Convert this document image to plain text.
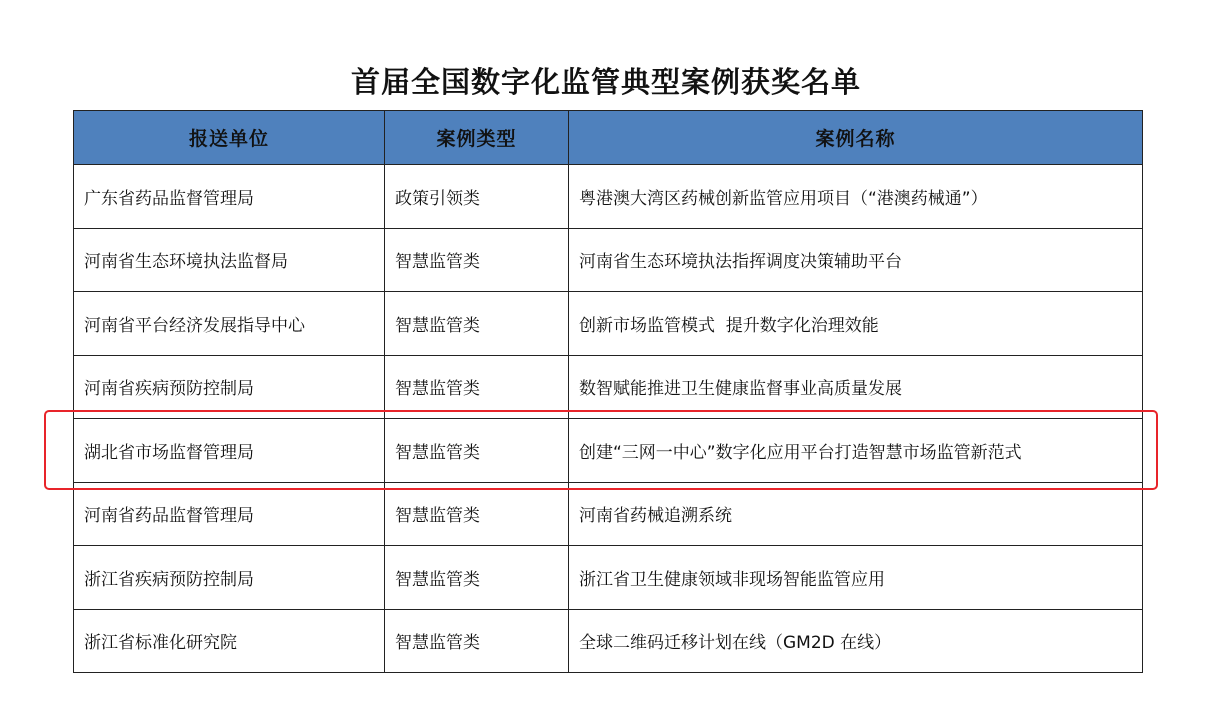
首届全国数字化监管典型案例获奖名单
报送单位	案例类型	案例名称
广东省药品监督管理局	政策引领类	粤港澳大湾区药械创新监管应用项目（“港澳药械通”）
河南省生态环境执法监督局	智慧监管类	河南省生态环境执法指挥调度决策辅助平台
河南省平台经济发展指导中心	智慧监管类	创新市场监管模式  提升数字化治理效能
河南省疾病预防控制局	智慧监管类	数智赋能推进卫生健康监督事业高质量发展
湖北省市场监督管理局	智慧监管类	创建“三网一中心”数字化应用平台打造智慧市场监管新范式
河南省药品监督管理局	智慧监管类	河南省药械追溯系统
浙江省疾病预防控制局	智慧监管类	浙江省卫生健康领域非现场智能监管应用
浙江省标准化研究院	智慧监管类	全球二维码迁移计划在线（GM2D 在线）
